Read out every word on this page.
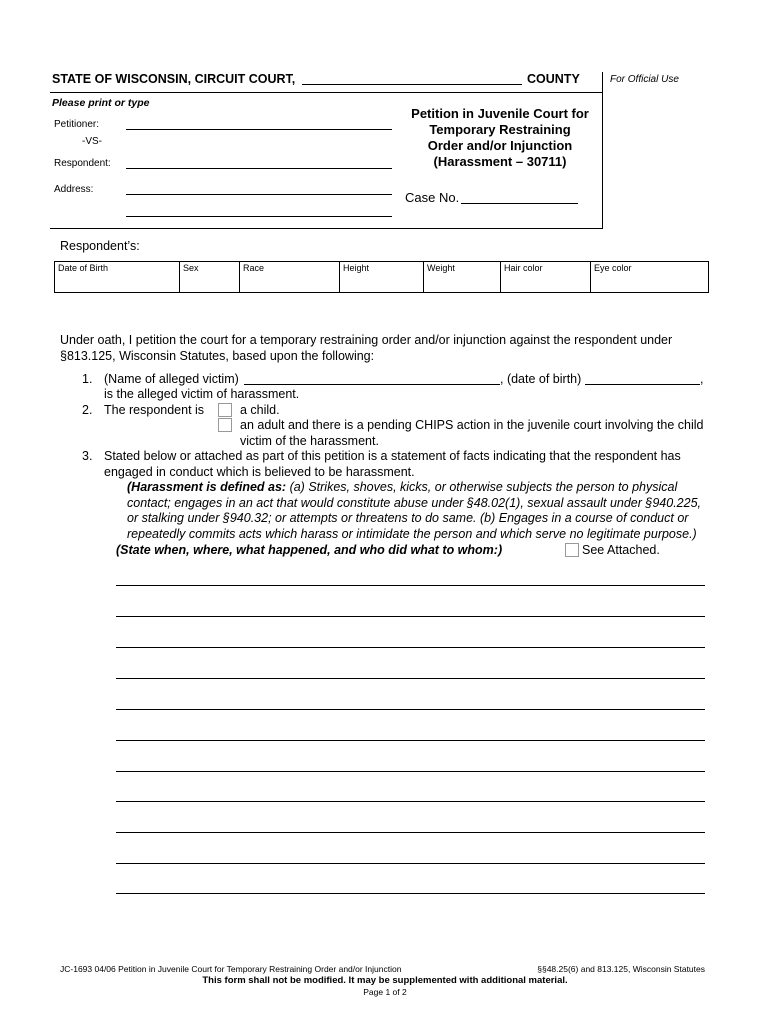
STATE OF WISCONSIN, CIRCUIT COURT,	COUNTY	For Official Use
Please print or type
Petitioner:
-VS-
Respondent:
Address:
Petition in Juvenile Court for
Temporary Restraining
Order and/or Injunction
(Harassment – 30711)
Case No.
Respondent’s:
Date of Birth	Sex	Race	Height	Weight	Hair color	Eye color
Under oath, I petition the court for a temporary restraining order and/or injunction against the respondent under
§813.125, Wisconsin Statutes, based upon the following:
1. (Name of alleged victim)	, (date of birth)	,
is the alleged victim of harassment.
2. The respondent is	a child.
an adult and there is a pending CHIPS action in the juvenile court involving the child
victim of the harassment.
3. Stated below or attached as part of this petition is a statement of facts indicating that the respondent has
engaged in conduct which is believed to be harassment.
(Harassment is defined as: (a) Strikes, shoves, kicks, or otherwise subjects the person to physical
contact; engages in an act that would constitute abuse under §48.02(1), sexual assault under §940.225,
or stalking under §940.32; or attempts or threatens to do same. (b) Engages in a course of conduct or
repeatedly commits acts which harass or intimidate the person and which serve no legitimate purpose.)
(State when, where, what happened, and who did what to whom:)	See Attached.
JC-1693 04/06 Petition in Juvenile Court for Temporary Restraining Order and/or Injunction	§§48.25(6) and 813.125, Wisconsin Statutes
This form shall not be modified. It may be supplemented with additional material.
Page 1 of 2
